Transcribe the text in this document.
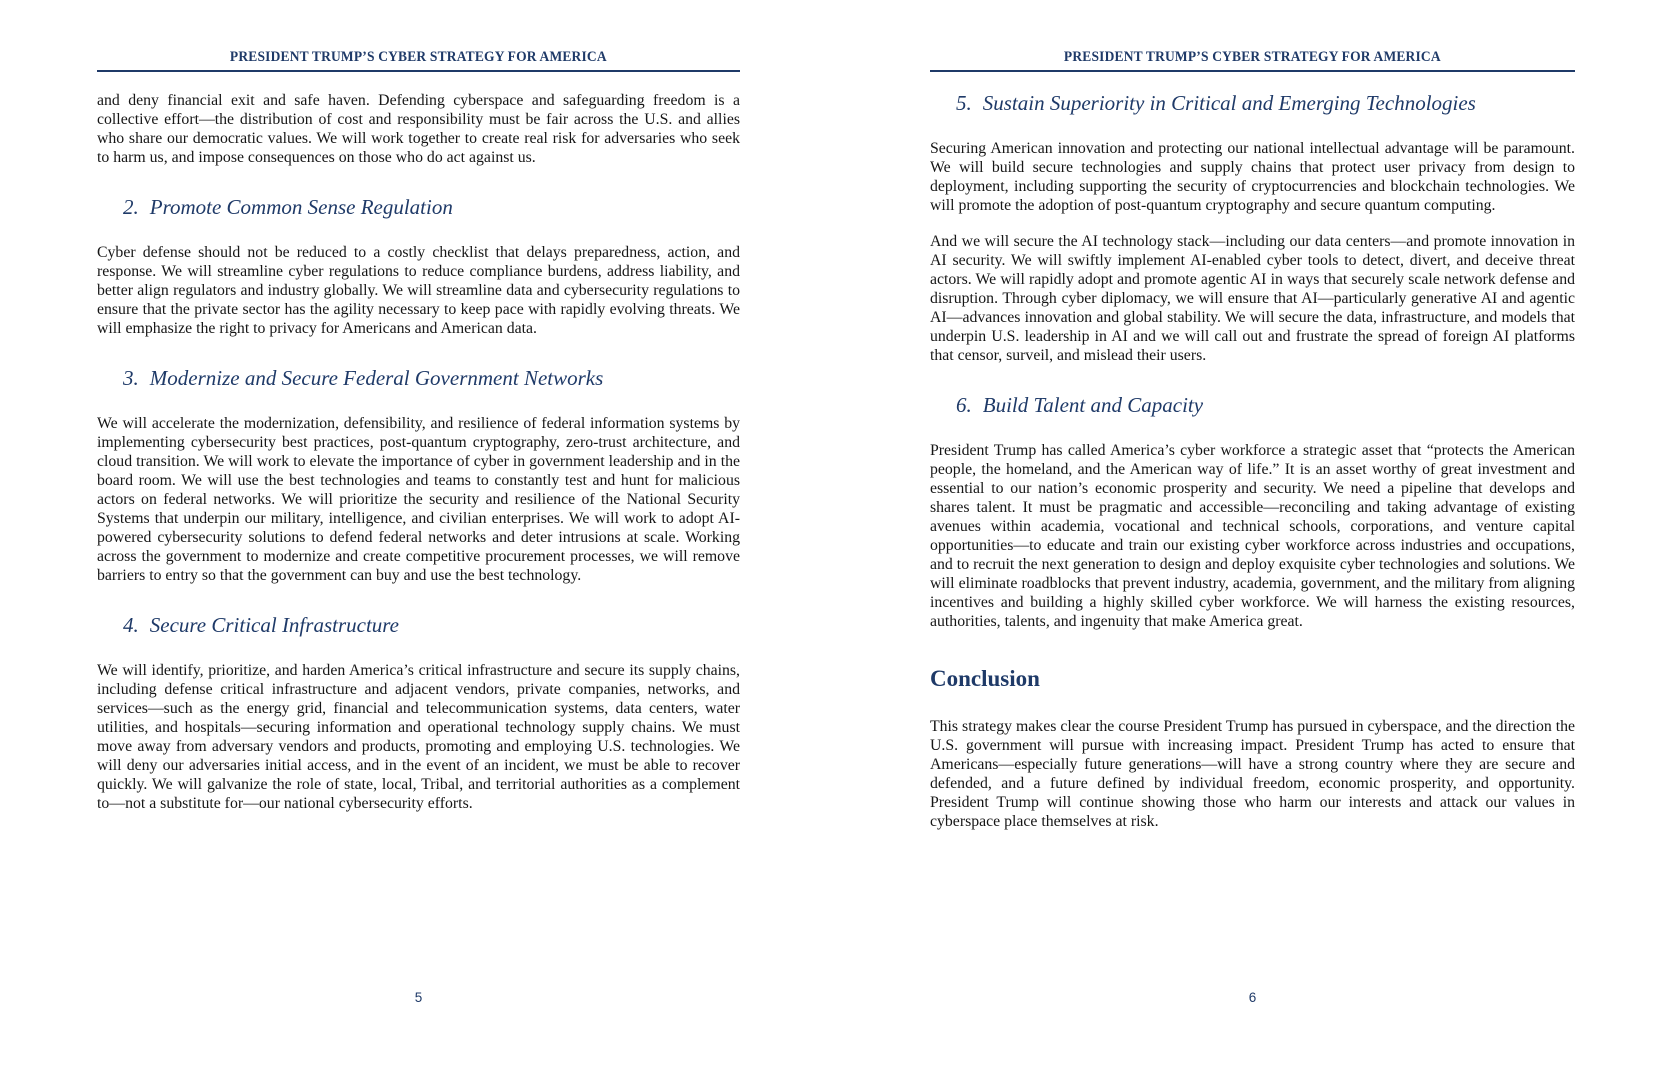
PRESIDENT TRUMP’S CYBER STRATEGY FOR AMERICA

and deny financial exit and safe haven. Defending cyberspace and safeguarding freedom is a collective effort—the distribution of cost and responsibility must be fair across the U.S. and allies who share our democratic values. We will work together to create real risk for adversaries who seek to harm us, and impose consequences on those who do act against us.

2. Promote Common Sense Regulation

Cyber defense should not be reduced to a costly checklist that delays preparedness, action, and response. We will streamline cyber regulations to reduce compliance burdens, address liability, and better align regulators and industry globally. We will streamline data and cybersecurity regulations to ensure that the private sector has the agility necessary to keep pace with rapidly evolving threats. We will emphasize the right to privacy for Americans and American data.

3. Modernize and Secure Federal Government Networks

We will accelerate the modernization, defensibility, and resilience of federal information systems by implementing cybersecurity best practices, post-quantum cryptography, zero-trust architecture, and cloud transition. We will work to elevate the importance of cyber in government leadership and in the board room. We will use the best technologies and teams to constantly test and hunt for malicious actors on federal networks. We will prioritize the security and resilience of the National Security Systems that underpin our military, intelligence, and civilian enterprises. We will work to adopt AI-powered cybersecurity solutions to defend federal networks and deter intrusions at scale. Working across the government to modernize and create competitive procurement processes, we will remove barriers to entry so that the government can buy and use the best technology.

4. Secure Critical Infrastructure

We will identify, prioritize, and harden America’s critical infrastructure and secure its supply chains, including defense critical infrastructure and adjacent vendors, private companies, networks, and services—such as the energy grid, financial and telecommunication systems, data centers, water utilities, and hospitals—securing information and operational technology supply chains. We must move away from adversary vendors and products, promoting and employing U.S. technologies. We will deny our adversaries initial access, and in the event of an incident, we must be able to recover quickly. We will galvanize the role of state, local, Tribal, and territorial authorities as a complement to—not a substitute for—our national cybersecurity efforts.

5
PRESIDENT TRUMP’S CYBER STRATEGY FOR AMERICA
5. Sustain Superiority in Critical and Emerging Technologies

Securing American innovation and protecting our national intellectual advantage will be paramount. We will build secure technologies and supply chains that protect user privacy from design to deployment, including supporting the security of cryptocurrencies and blockchain technologies. We will promote the adoption of post-quantum cryptography and secure quantum computing.

And we will secure the AI technology stack—including our data centers—and promote innovation in AI security. We will swiftly implement AI-enabled cyber tools to detect, divert, and deceive threat actors. We will rapidly adopt and promote agentic AI in ways that securely scale network defense and disruption. Through cyber diplomacy, we will ensure that AI—particularly generative AI and agentic AI—advances innovation and global stability. We will secure the data, infrastructure, and models that underpin U.S. leadership in AI and we will call out and frustrate the spread of foreign AI platforms that censor, surveil, and mislead their users.

6. Build Talent and Capacity

President Trump has called America’s cyber workforce a strategic asset that “protects the American people, the homeland, and the American way of life.” It is an asset worthy of great investment and essential to our nation’s economic prosperity and security. We need a pipeline that develops and shares talent. It must be pragmatic and accessible—reconciling and taking advantage of existing avenues within academia, vocational and technical schools, corporations, and venture capital opportunities—to educate and train our existing cyber workforce across industries and occupations, and to recruit the next generation to design and deploy exquisite cyber technologies and solutions. We will eliminate roadblocks that prevent industry, academia, government, and the military from aligning incentives and building a highly skilled cyber workforce. We will harness the existing resources, authorities, talents, and ingenuity that make America great.

Conclusion

This strategy makes clear the course President Trump has pursued in cyberspace, and the direction the U.S. government will pursue with increasing impact. President Trump has acted to ensure that Americans—especially future generations—will have a strong country where they are secure and defended, and a future defined by individual freedom, economic prosperity, and opportunity. President Trump will continue showing those who harm our interests and attack our values in cyberspace place themselves at risk.

6
